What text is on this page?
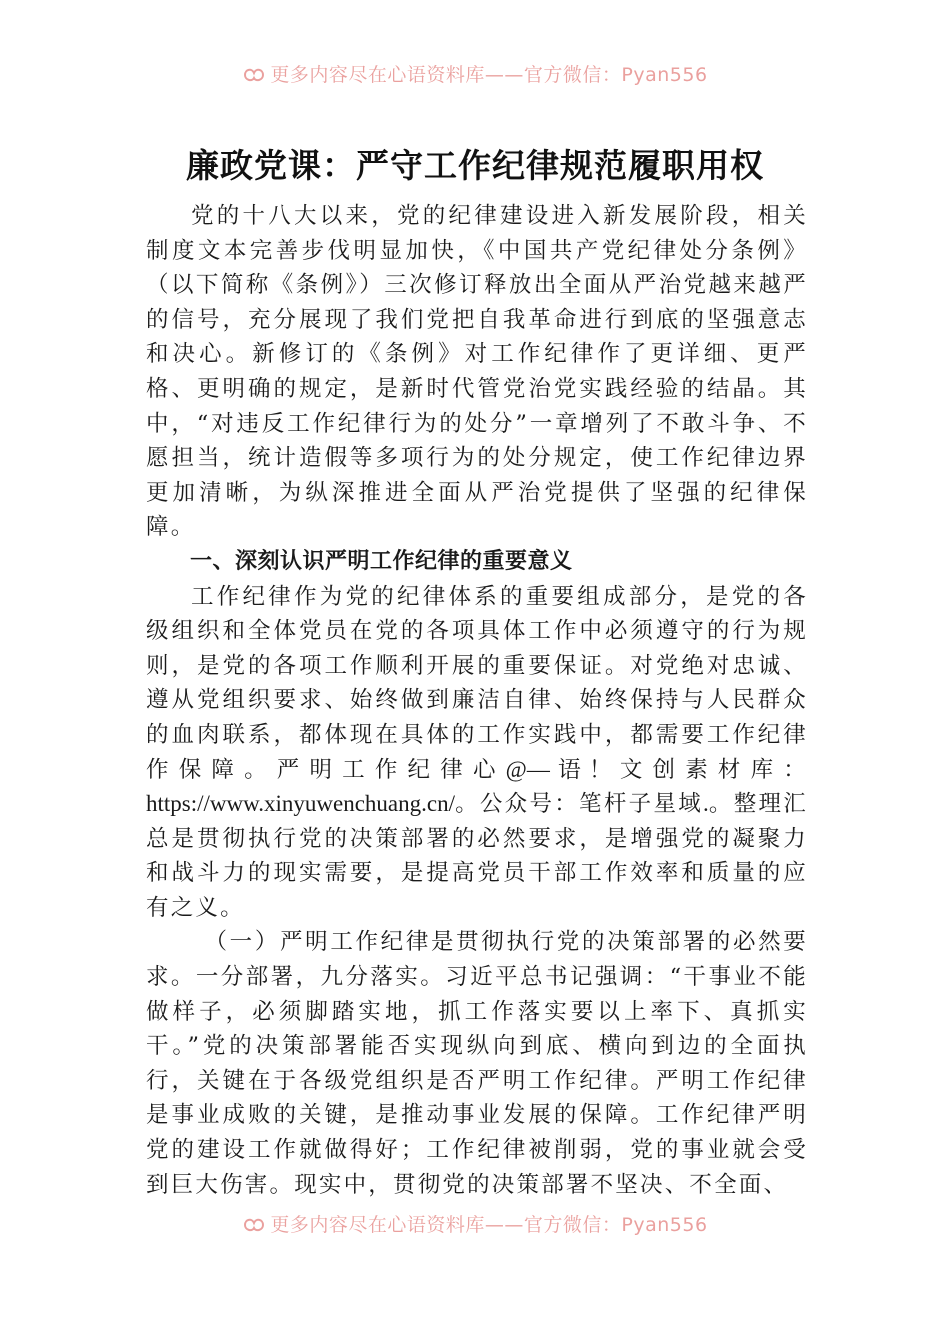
更多内容尽在心语资料库——官方微信：Pyan556
廉政党课：严守工作纪律规范履职用权

党的十八大以来，党的纪律建设进入新发展阶段，相关制度文本完善步伐明显加快，《中国共产党纪律处分条例》（以下简称《条例》）三次修订释放出全面从严治党越来越严的信号，充分展现了我们党把自我革命进行到底的坚强意志和决心。新修订的《条例》对工作纪律作了更详细、更严格、更明确的规定，是新时代管党治党实践经验的结晶。其中，“对违反工作纪律行为的处分”一章增列了不敢斗争、不愿担当，统计造假等多项行为的处分规定，使工作纪律边界更加清晰，为纵深推进全面从严治党提供了坚强的纪律保障。

一、深刻认识严明工作纪律的重要意义

工作纪律作为党的纪律体系的重要组成部分，是党的各级组织和全体党员在党的各项具体工作中必须遵守的行为规则，是党的各项工作顺利开展的重要保证。对党绝对忠诚、遵从党组织要求、始终做到廉洁自律、始终保持与人民群众的血肉联系，都体现在具体的工作实践中，都需要工作纪律作保障。严明工作纪律心@—语！文创素材库：https://www.xinyuwenchuang.cn/。公众号：笔杆子星域.。整理汇总是贯彻执行党的决策部署的必然要求，是增强党的凝聚力和战斗力的现实需要，是提高党员干部工作效率和质量的应有之义。

（一）严明工作纪律是贯彻执行党的决策部署的必然要求。一分部署，九分落实。习近平总书记强调：“干事业不能做样子，必须脚踏实地，抓工作落实要以上率下、真抓实干。”党的决策部署能否实现纵向到底、横向到边的全面执行，关键在于各级党组织是否严明工作纪律。严明工作纪律是事业成败的关键，是推动事业发展的保障。工作纪律严明党的建设工作就做得好；工作纪律被削弱，党的事业就会受到巨大伤害。现实中，贯彻党的决策部署不坚决、不全面、

更多内容尽在心语资料库——官方微信：Pyan556
